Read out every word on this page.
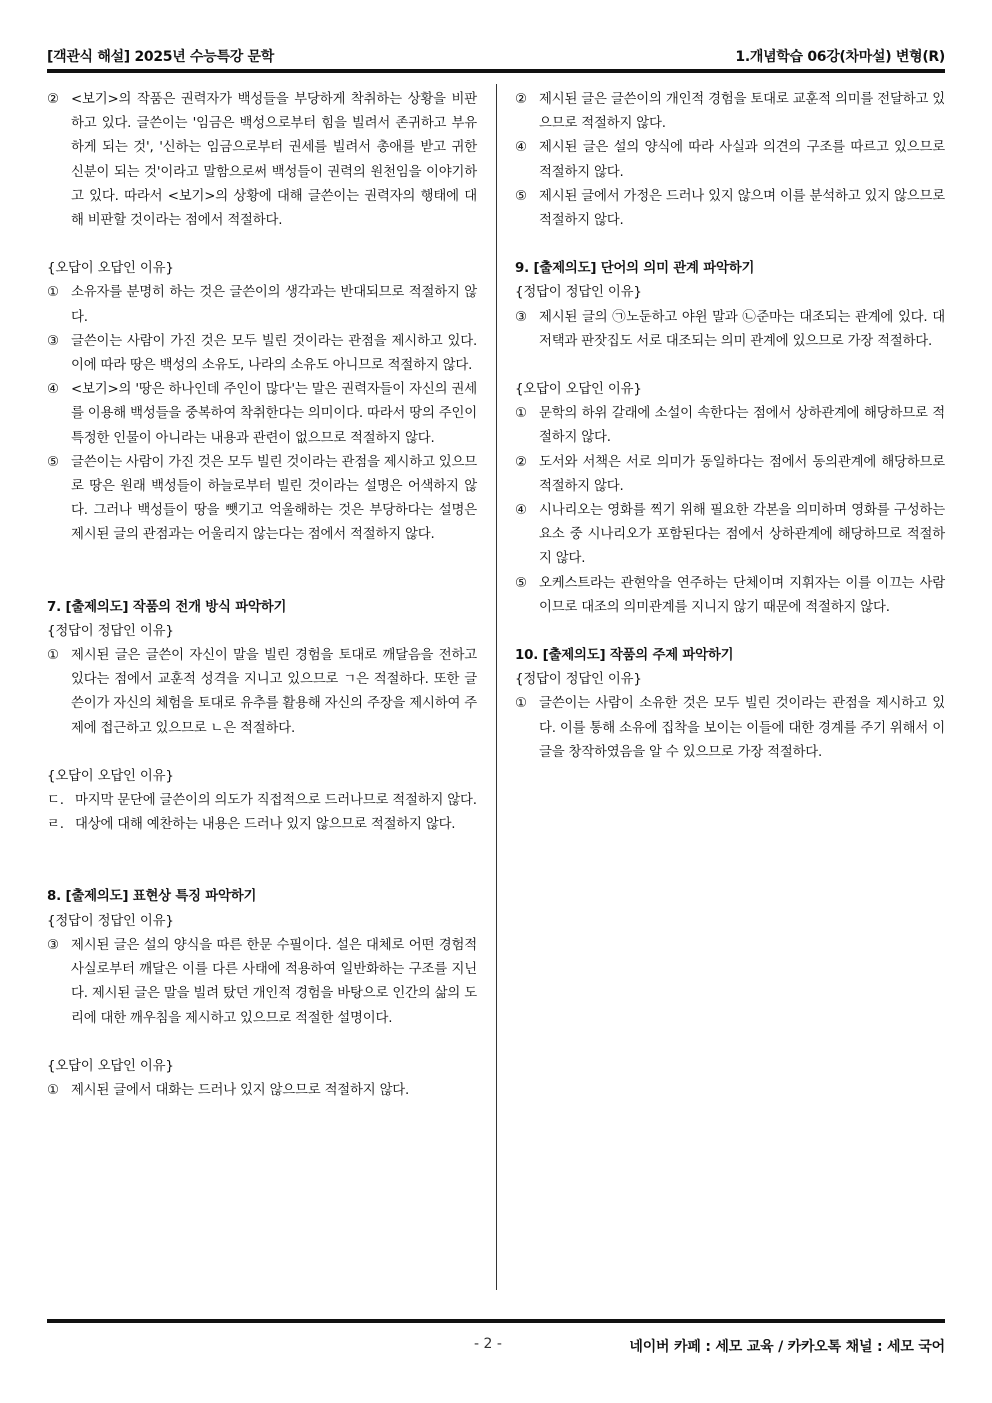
[객관식 해설] 2025년 수능특강 문학	1.개념학습 06강(차마설) 변형(R)
② <보기>의 작품은 권력자가 백성들을 부당하게 착취하는 상황을 비판하고 있다. 글쓴이는 '임금은 백성으로부터 힘을 빌려서 존귀하고 부유하게 되는 것', '신하는 임금으로부터 권세를 빌려서 총애를 받고 귀한 신분이 되는 것'이라고 말함으로써 백성들이 권력의 원천임을 이야기하고 있다. 따라서 <보기>의 상황에 대해 글쓴이는 권력자의 행태에 대해 비판할 것이라는 점에서 적절하다.

{오답이 오답인 이유}

① 소유자를 분명히 하는 것은 글쓴이의 생각과는 반대되므로 적절하지 않다.
③ 글쓴이는 사람이 가진 것은 모두 빌린 것이라는 관점을 제시하고 있다. 이에 따라 땅은 백성의 소유도, 나라의 소유도 아니므로 적절하지 않다.
④ <보기>의 '땅은 하나인데 주인이 많다'는 말은 권력자들이 자신의 권세를 이용해 백성들을 중복하여 착취한다는 의미이다. 따라서 땅의 주인이 특정한 인물이 아니라는 내용과 관련이 없으므로 적절하지 않다.
⑤ 글쓴이는 사람이 가진 것은 모두 빌린 것이라는 관점을 제시하고 있으므로 땅은 원래 백성들이 하늘로부터 빌린 것이라는 설명은 어색하지 않다. 그러나 백성들이 땅을 뺏기고 억울해하는 것은 부당하다는 설명은 제시된 글의 관점과는 어울리지 않는다는 점에서 적절하지 않다.

7. [출제의도] 작품의 전개 방식 파악하기

{정답이 정답인 이유}

① 제시된 글은 글쓴이 자신이 말을 빌린 경험을 토대로 깨달음을 전하고 있다는 점에서 교훈적 성격을 지니고 있으므로 ㄱ은 적절하다. 또한 글쓴이가 자신의 체험을 토대로 유추를 활용해 자신의 주장을 제시하여 주제에 접근하고 있으므로 ㄴ은 적절하다.

{오답이 오답인 이유}

ㄷ. 마지막 문단에 글쓴이의 의도가 직접적으로 드러나므로 적절하지 않다.
ㄹ. 대상에 대해 예찬하는 내용은 드러나 있지 않으므로 적절하지 않다.

8. [출제의도] 표현상 특징 파악하기

{정답이 정답인 이유}

③ 제시된 글은 설의 양식을 따른 한문 수필이다. 설은 대체로 어떤 경험적 사실로부터 깨달은 이를 다른 사태에 적용하여 일반화하는 구조를 지닌다. 제시된 글은 말을 빌려 탔던 개인적 경험을 바탕으로 인간의 삶의 도리에 대한 깨우침을 제시하고 있으므로 적절한 설명이다.

{오답이 오답인 이유}

① 제시된 글에서 대화는 드러나 있지 않으므로 적절하지 않다.
② 제시된 글은 글쓴이의 개인적 경험을 토대로 교훈적 의미를 전달하고 있으므로 적절하지 않다.
④ 제시된 글은 설의 양식에 따라 사실과 의견의 구조를 따르고 있으므로 적절하지 않다.
⑤ 제시된 글에서 가정은 드러나 있지 않으며 이를 분석하고 있지 않으므로 적절하지 않다.

9. [출제의도] 단어의 의미 관계 파악하기

{정답이 정답인 이유}

③ 제시된 글의 ㉠노둔하고 야윈 말과 ㉡준마는 대조되는 관계에 있다. 대저택과 판잣집도 서로 대조되는 의미 관계에 있으므로 가장 적절하다.

{오답이 오답인 이유}

① 문학의 하위 갈래에 소설이 속한다는 점에서 상하관계에 해당하므로 적절하지 않다.
② 도서와 서책은 서로 의미가 동일하다는 점에서 동의관계에 해당하므로 적절하지 않다.
④ 시나리오는 영화를 찍기 위해 필요한 각본을 의미하며 영화를 구성하는 요소 중 시나리오가 포함된다는 점에서 상하관계에 해당하므로 적절하지 않다.
⑤ 오케스트라는 관현악을 연주하는 단체이며 지휘자는 이를 이끄는 사람이므로 대조의 의미관계를 지니지 않기 때문에 적절하지 않다.

10. [출제의도] 작품의 주제 파악하기

{정답이 정답인 이유}

① 글쓴이는 사람이 소유한 것은 모두 빌린 것이라는 관점을 제시하고 있다. 이를 통해 소유에 집착을 보이는 이들에 대한 경계를 주기 위해서 이 글을 창작하였음을 알 수 있으므로 가장 적절하다.
- 2 -	네이버 카페 : 세모 교육 / 카카오톡 채널 : 세모 국어
